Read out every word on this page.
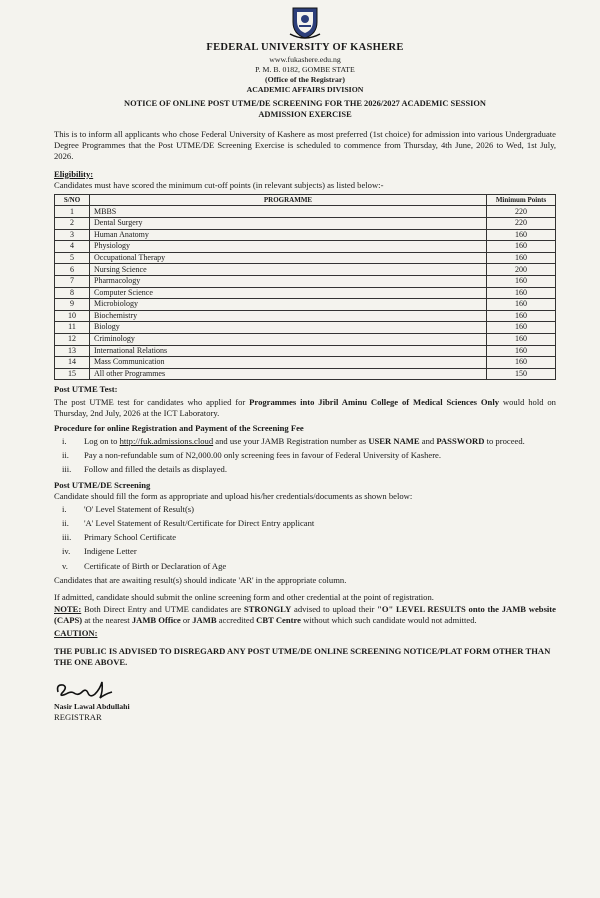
FEDERAL UNIVERSITY OF KASHERE
www.fukashere.edu.ng
P. M. B. 0182, GOMBE STATE
(Office of the Registrar)
ACADEMIC AFFAIRS DIVISION
NOTICE OF ONLINE POST UTME/DE SCREENING FOR THE 2026/2027 ACADEMIC SESSION
ADMISSION EXERCISE

This is to inform all applicants who chose Federal University of Kashere as most preferred (1st choice) for admission into various Undergraduate Degree Programmes that the Post UTME/DE Screening Exercise is scheduled to commence from Thursday, 4th June, 2026 to Wed, 1st July, 2026.

Eligibility:

Candidates must have scored the minimum cut-off points (in relevant subjects) as listed below:-

S/NO	PROGRAMME	Minimum Points
1	MBBS	220
2	Dental Surgery	220
3	Human Anatomy	160
4	Physiology	160
5	Occupational Therapy	160
6	Nursing Science	200
7	Pharmacology	160
8	Computer Science	160
9	Microbiology	160
10	Biochemistry	160
11	Biology	160
12	Criminology	160
13	International Relations	160
14	Mass Communication	160
15	All other Programmes	150
Post UTME Test:

The post UTME test for candidates who applied for Programmes into Jibril Aminu College of Medical Sciences Only would hold on Thursday, 2nd July, 2026 at the ICT Laboratory.

Procedure for online Registration and Payment of the Screening Fee
i. Log on to http://fuk.admissions.cloud and use your JAMB Registration number as USER NAME and PASSWORD to proceed.
ii. Pay a non-refundable sum of N2,000.00 only screening fees in favour of Federal University of Kashere.
iii. Follow and filled the details as displayed.
Post UTME/DE Screening

Candidate should fill the form as appropriate and upload his/her credentials/documents as shown below:

i. 'O' Level Statement of Result(s)
ii. 'A' Level Statement of Result/Certificate for Direct Entry applicant
iii. Primary School Certificate
iv. Indigene Letter
v. Certificate of Birth or Declaration of Age

Candidates that are awaiting result(s) should indicate 'AR' in the appropriate column.

If admitted, candidate should submit the online screening form and other credential at the point of registration.

NOTE: Both Direct Entry and UTME candidates are STRONGLY advised to upload their "O" LEVEL RESULTS onto the JAMB website (CAPS) at the nearest JAMB Office or JAMB accredited CBT Centre without which such candidate would not admitted.

CAUTION:

THE PUBLIC IS ADVISED TO DISREGARD ANY POST UTME/DE ONLINE SCREENING NOTICE/PLAT FORM OTHER THAN THE ONE ABOVE.

Nasir Lawal Abdullahi
REGISTRAR
